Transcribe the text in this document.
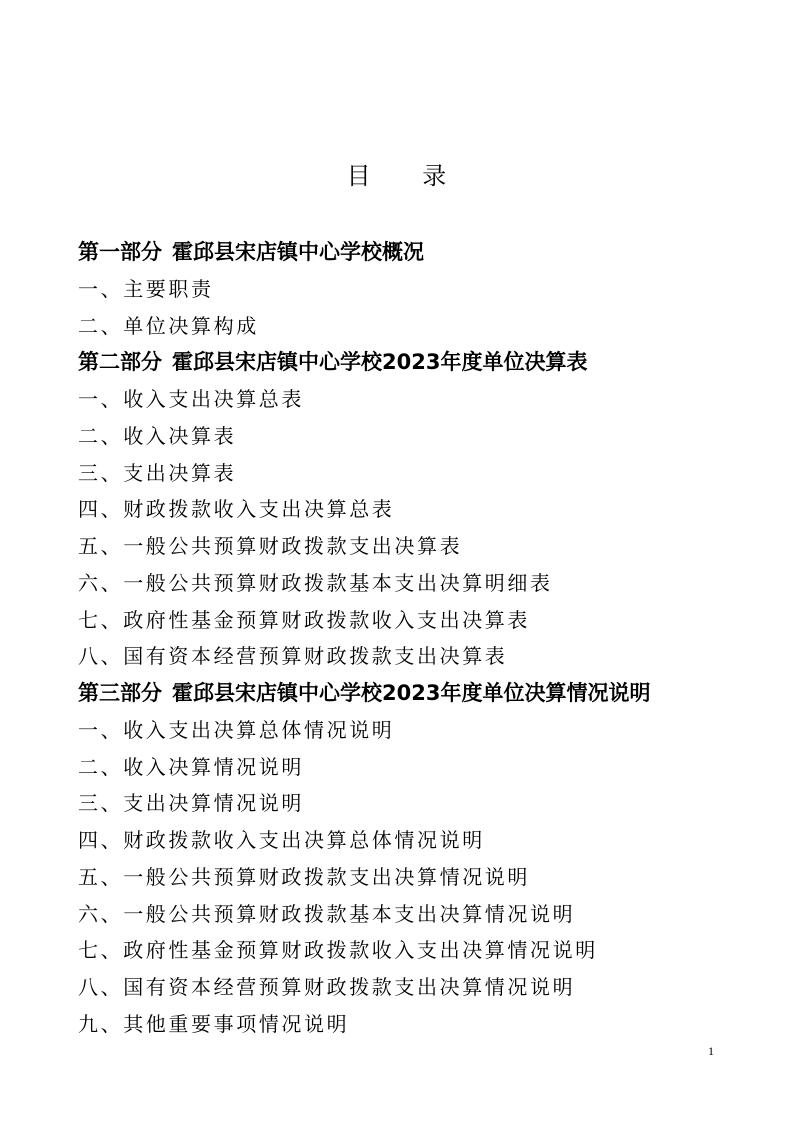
目 录
第一部分 霍邱县宋店镇中心学校概况
一、主要职责
二、单位决算构成
第二部分 霍邱县宋店镇中心学校2023年度单位决算表
一、收入支出决算总表
二、收入决算表
三、支出决算表
四、财政拨款收入支出决算总表
五、一般公共预算财政拨款支出决算表
六、一般公共预算财政拨款基本支出决算明细表
七、政府性基金预算财政拨款收入支出决算表
八、国有资本经营预算财政拨款支出决算表
第三部分 霍邱县宋店镇中心学校2023年度单位决算情况说明
一、收入支出决算总体情况说明
二、收入决算情况说明
三、支出决算情况说明
四、财政拨款收入支出决算总体情况说明
五、一般公共预算财政拨款支出决算情况说明
六、一般公共预算财政拨款基本支出决算情况说明
七、政府性基金预算财政拨款收入支出决算情况说明
八、国有资本经营预算财政拨款支出决算情况说明
九、其他重要事项情况说明
1
